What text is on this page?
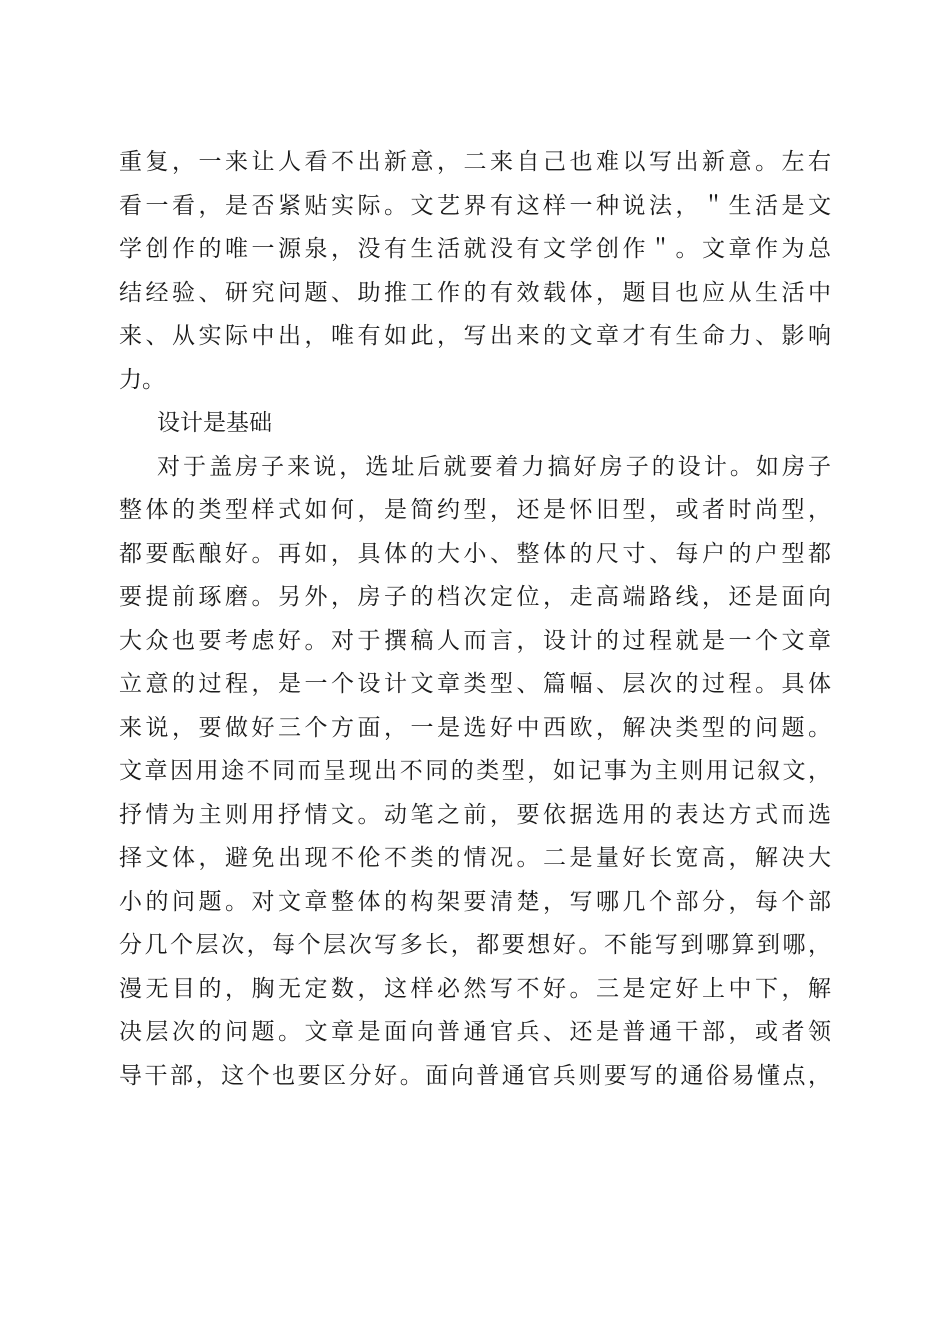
重复，一来让人看不出新意，二来自己也难以写出新意。左右
看一看，是否紧贴实际。文艺界有这样一种说法，＂生活是文
学创作的唯一源泉，没有生活就没有文学创作＂。文章作为总
结经验、研究问题、助推工作的有效载体，题目也应从生活中
来、从实际中出，唯有如此，写出来的文章才有生命力、影响
力。
设计是基础
对于盖房子来说，选址后就要着力搞好房子的设计。如房子
整体的类型样式如何，是简约型，还是怀旧型，或者时尚型，
都要酝酿好。再如，具体的大小、整体的尺寸、每户的户型都
要提前琢磨。另外，房子的档次定位，走高端路线，还是面向
大众也要考虑好。对于撰稿人而言，设计的过程就是一个文章
立意的过程，是一个设计文章类型、篇幅、层次的过程。具体
来说，要做好三个方面，一是选好中西欧，解决类型的问题。
文章因用途不同而呈现出不同的类型，如记事为主则用记叙文，
抒情为主则用抒情文。动笔之前，要依据选用的表达方式而选
择文体，避免出现不伦不类的情况。二是量好长宽高，解决大
小的问题。对文章整体的构架要清楚，写哪几个部分，每个部
分几个层次，每个层次写多长，都要想好。不能写到哪算到哪，
漫无目的，胸无定数，这样必然写不好。三是定好上中下，解
决层次的问题。文章是面向普通官兵、还是普通干部，或者领
导干部，这个也要区分好。面向普通官兵则要写的通俗易懂点，
